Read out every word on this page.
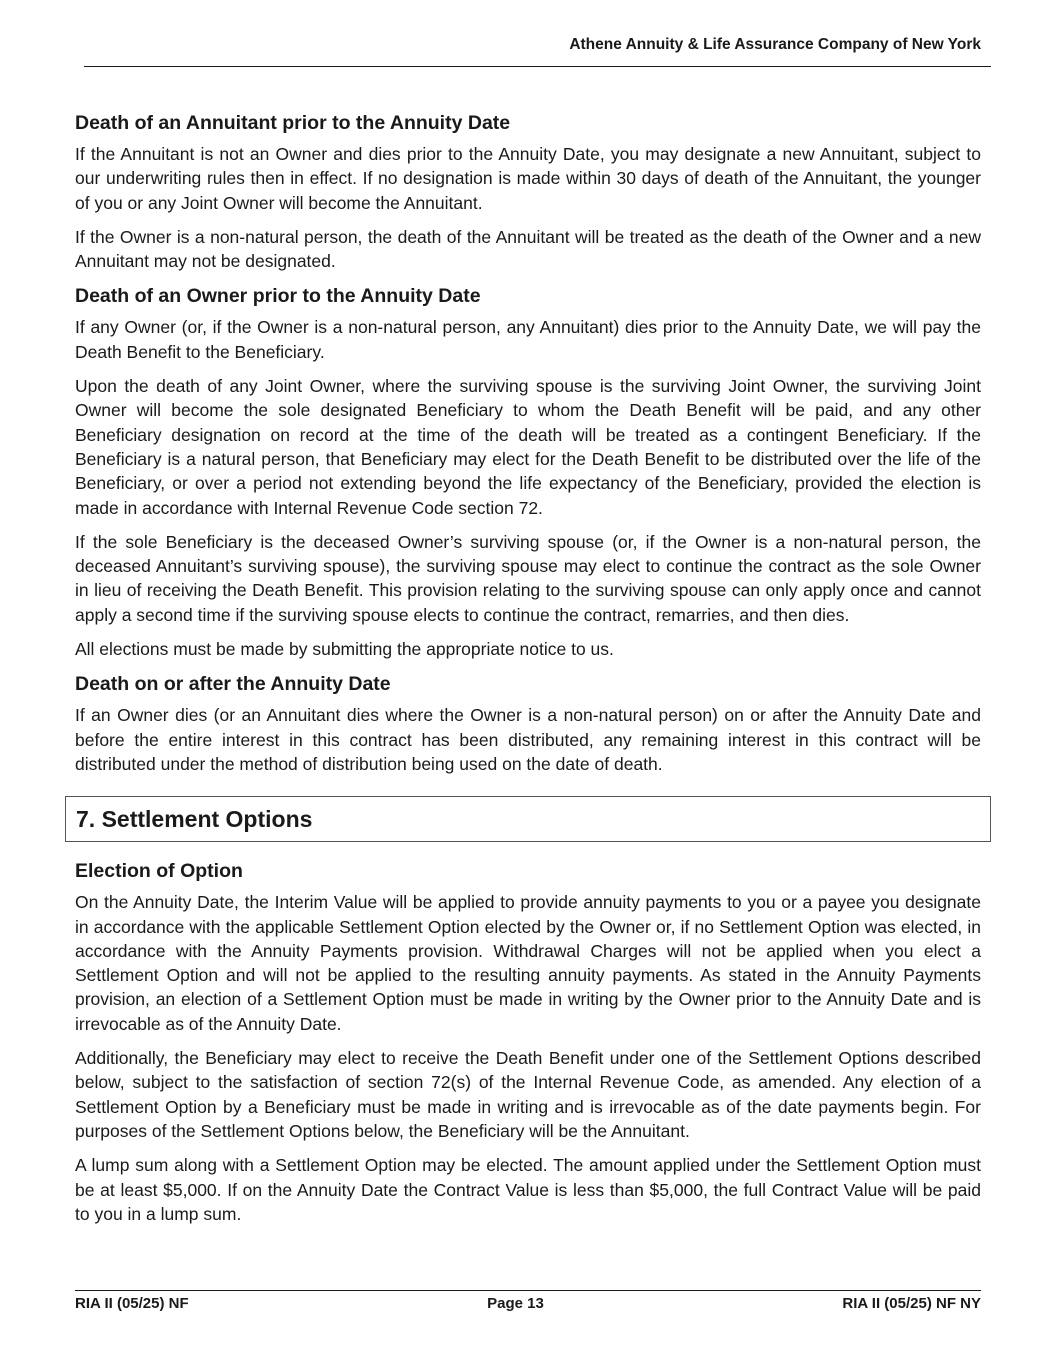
Athene Annuity & Life Assurance Company of New York
Death of an Annuitant prior to the Annuity Date

If the Annuitant is not an Owner and dies prior to the Annuity Date, you may designate a new Annuitant, subject to our underwriting rules then in effect. If no designation is made within 30 days of death of the Annuitant, the younger of you or any Joint Owner will become the Annuitant.

If the Owner is a non-natural person, the death of the Annuitant will be treated as the death of the Owner and a new Annuitant may not be designated.

Death of an Owner prior to the Annuity Date

If any Owner (or, if the Owner is a non-natural person, any Annuitant) dies prior to the Annuity Date, we will pay the Death Benefit to the Beneficiary.

Upon the death of any Joint Owner, where the surviving spouse is the surviving Joint Owner, the surviving Joint Owner will become the sole designated Beneficiary to whom the Death Benefit will be paid, and any other Beneficiary designation on record at the time of the death will be treated as a contingent Beneficiary. If the Beneficiary is a natural person, that Beneficiary may elect for the Death Benefit to be distributed over the life of the Beneficiary, or over a period not extending beyond the life expectancy of the Beneficiary, provided the election is made in accordance with Internal Revenue Code section 72.

If the sole Beneficiary is the deceased Owner’s surviving spouse (or, if the Owner is a non-natural person, the deceased Annuitant’s surviving spouse), the surviving spouse may elect to continue the contract as the sole Owner in lieu of receiving the Death Benefit. This provision relating to the surviving spouse can only apply once and cannot apply a second time if the surviving spouse elects to continue the contract, remarries, and then dies.

All elections must be made by submitting the appropriate notice to us.

Death on or after the Annuity Date

If an Owner dies (or an Annuitant dies where the Owner is a non-natural person) on or after the Annuity Date and before the entire interest in this contract has been distributed, any remaining interest in this contract will be distributed under the method of distribution being used on the date of death.

7. Settlement Options
Election of Option

On the Annuity Date, the Interim Value will be applied to provide annuity payments to you or a payee you designate in accordance with the applicable Settlement Option elected by the Owner or, if no Settlement Option was elected, in accordance with the Annuity Payments provision. Withdrawal Charges will not be applied when you elect a Settlement Option and will not be applied to the resulting annuity payments. As stated in the Annuity Payments provision, an election of a Settlement Option must be made in writing by the Owner prior to the Annuity Date and is irrevocable as of the Annuity Date.

Additionally, the Beneficiary may elect to receive the Death Benefit under one of the Settlement Options described below, subject to the satisfaction of section 72(s) of the Internal Revenue Code, as amended. Any election of a Settlement Option by a Beneficiary must be made in writing and is irrevocable as of the date payments begin. For purposes of the Settlement Options below, the Beneficiary will be the Annuitant.

A lump sum along with a Settlement Option may be elected. The amount applied under the Settlement Option must be at least $5,000. If on the Annuity Date the Contract Value is less than $5,000, the full Contract Value will be paid to you in a lump sum.

RIA II (05/25) NF	Page 13	RIA II (05/25) NF NY
